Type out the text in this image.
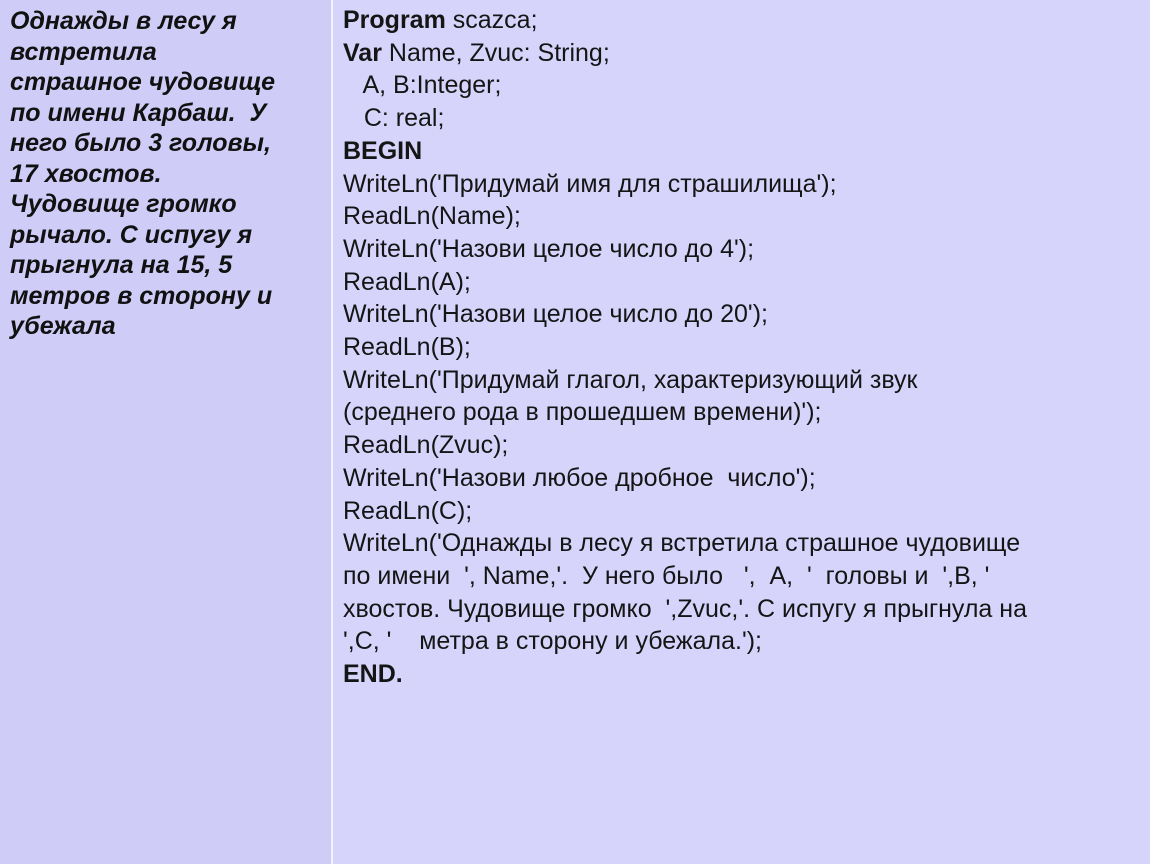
Однажды в лесу я
встретила
страшное чудовище
по имени Карбаш.  У
него было 3 головы,
17 хвостов.
Чудовище громко
рычало. С испугу я
прыгнула на 15, 5
метров в сторону и
убежала
Program scazca;
Var Name, Zvuc: String;
A, B:Integer;
C: real;
BEGIN
WriteLn('Придумай имя для страшилища');
ReadLn(Name);
WriteLn('Назови целое число до 4');
ReadLn(A);
WriteLn('Назови целое число до 20');
ReadLn(B);
WriteLn('Придумай глагол, характеризующий звук
(среднего рода в прошедшем времени)');
ReadLn(Zvuc);
WriteLn('Назови любое дробное  число');
ReadLn(C);
WriteLn('Однажды в лесу я встретила страшное чудовище
по имени  ', Name,'.  У него было   ',  A,  '  головы и  ',B, '
хвостов. Чудовище громко  ',Zvuc,'. С испугу я прыгнула на
',C, '    метра в сторону и убежала.');
END.
